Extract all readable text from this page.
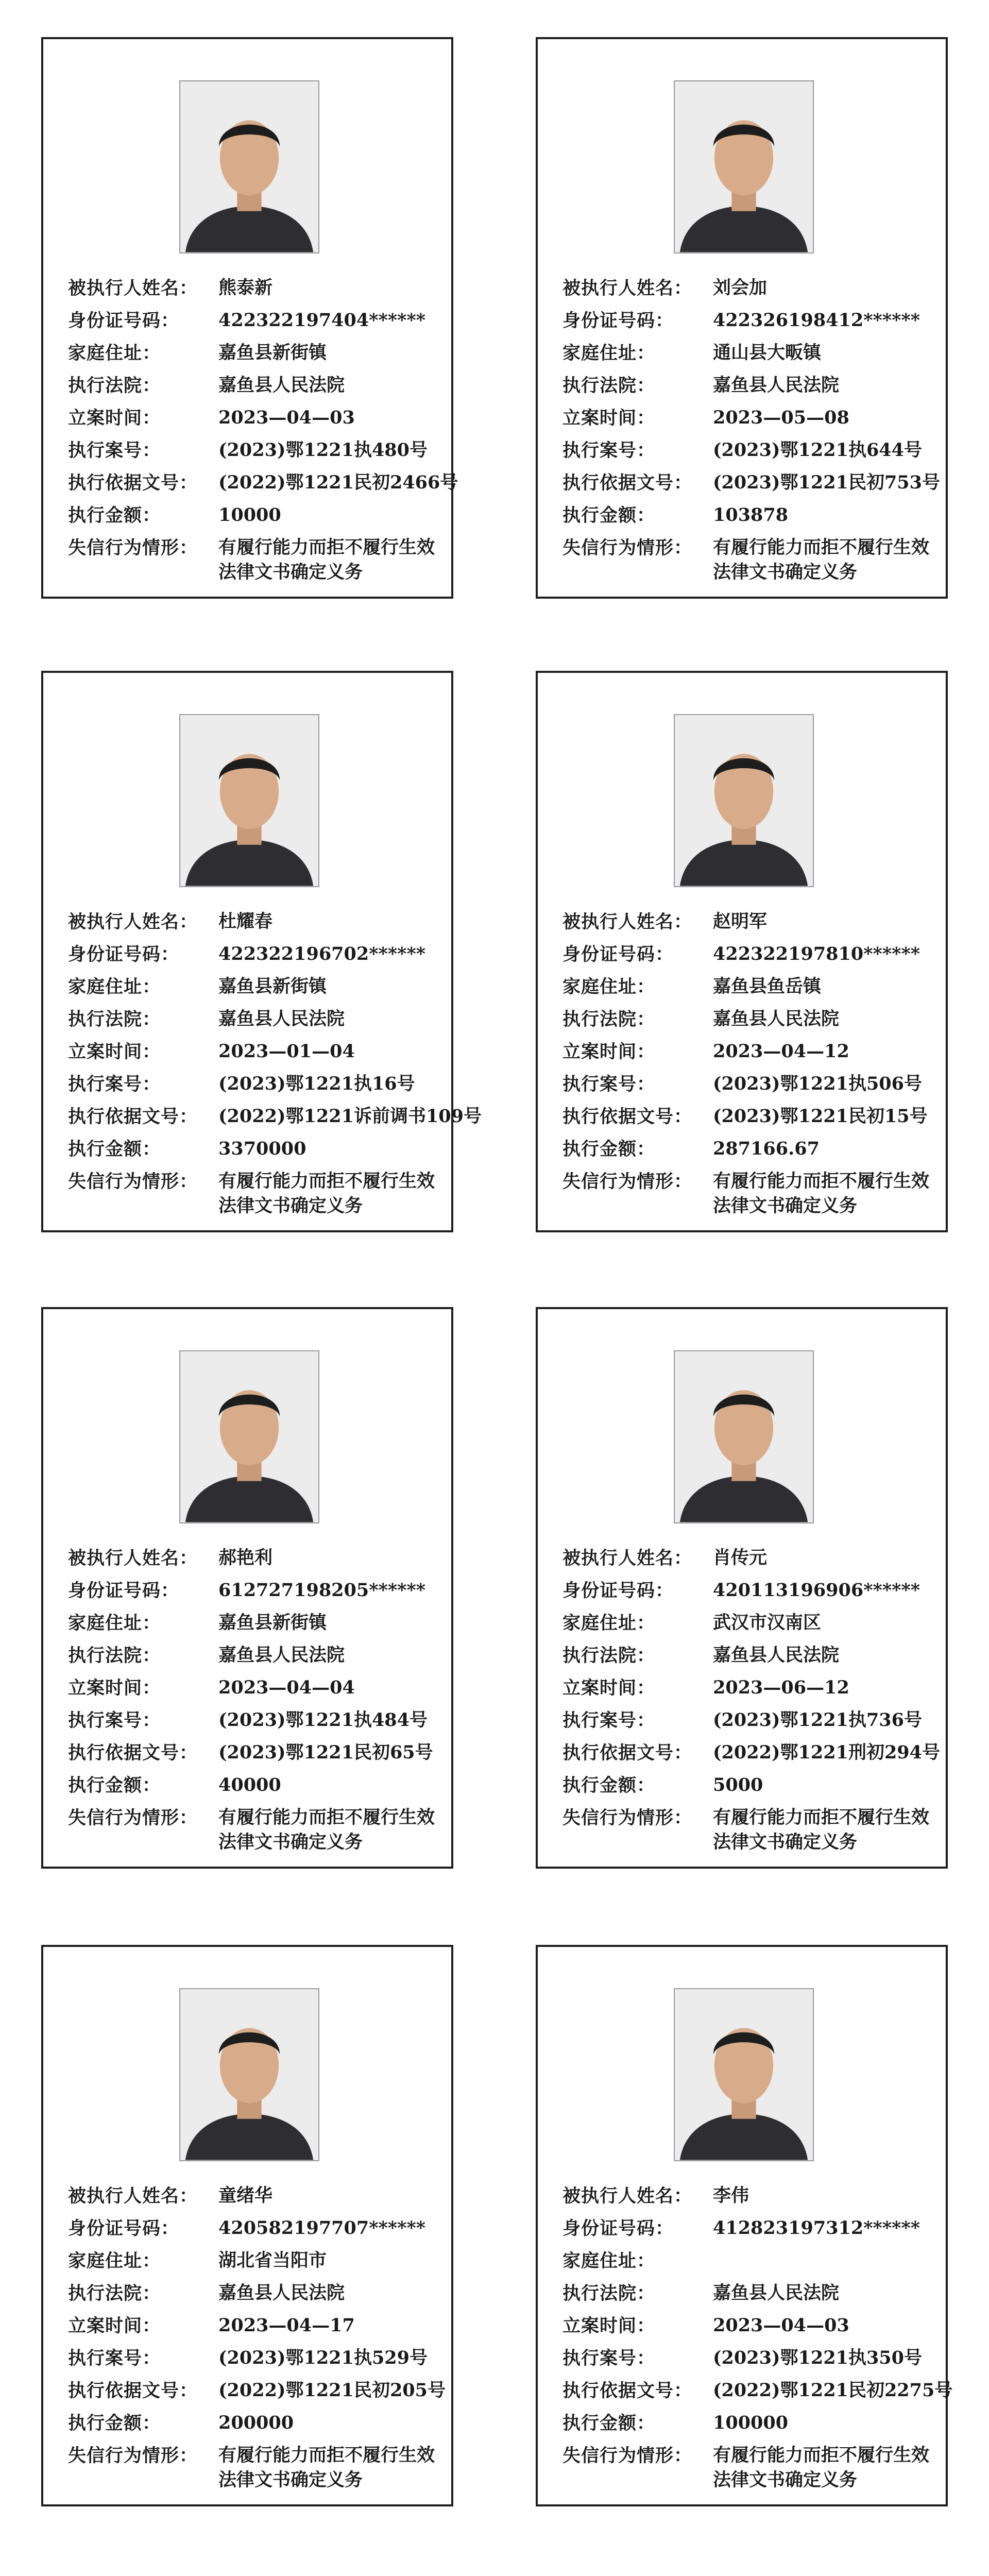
被执行人姓名：	熊泰新
身份证号码：	422322197404******
家庭住址：	嘉鱼县新街镇
执行法院：	嘉鱼县人民法院
立案时间：	2023—04—03
执行案号：	(2023)鄂1221执480号
执行依据文号：	(2022)鄂1221民初2466号
执行金额：	10000
失信行为情形：	有履行能力而拒不履行生效法律文书确定义务
被执行人姓名：	刘会加
身份证号码：	422326198412******
家庭住址：	通山县大畈镇
执行法院：	嘉鱼县人民法院
立案时间：	2023—05—08
执行案号：	(2023)鄂1221执644号
执行依据文号：	(2023)鄂1221民初753号
执行金额：	103878
失信行为情形：	有履行能力而拒不履行生效法律文书确定义务
被执行人姓名：	杜耀春
身份证号码：	422322196702******
家庭住址：	嘉鱼县新街镇
执行法院：	嘉鱼县人民法院
立案时间：	2023—01—04
执行案号：	(2023)鄂1221执16号
执行依据文号：	(2022)鄂1221诉前调书109号
执行金额：	3370000
失信行为情形：	有履行能力而拒不履行生效法律文书确定义务
被执行人姓名：	赵明军
身份证号码：	422322197810******
家庭住址：	嘉鱼县鱼岳镇
执行法院：	嘉鱼县人民法院
立案时间：	2023—04—12
执行案号：	(2023)鄂1221执506号
执行依据文号：	(2023)鄂1221民初15号
执行金额：	287166.67
失信行为情形：	有履行能力而拒不履行生效法律文书确定义务
被执行人姓名：	郝艳利
身份证号码：	612727198205******
家庭住址：	嘉鱼县新街镇
执行法院：	嘉鱼县人民法院
立案时间：	2023—04—04
执行案号：	(2023)鄂1221执484号
执行依据文号：	(2023)鄂1221民初65号
执行金额：	40000
失信行为情形：	有履行能力而拒不履行生效法律文书确定义务
被执行人姓名：	肖传元
身份证号码：	420113196906******
家庭住址：	武汉市汉南区
执行法院：	嘉鱼县人民法院
立案时间：	2023—06—12
执行案号：	(2023)鄂1221执736号
执行依据文号：	(2022)鄂1221刑初294号
执行金额：	5000
失信行为情形：	有履行能力而拒不履行生效法律文书确定义务
被执行人姓名：	童绪华
身份证号码：	420582197707******
家庭住址：	湖北省当阳市
执行法院：	嘉鱼县人民法院
立案时间：	2023—04—17
执行案号：	(2023)鄂1221执529号
执行依据文号：	(2022)鄂1221民初205号
执行金额：	200000
失信行为情形：	有履行能力而拒不履行生效法律文书确定义务
被执行人姓名：	李伟
身份证号码：	412823197312******
家庭住址：
执行法院：	嘉鱼县人民法院
立案时间：	2023—04—03
执行案号：	(2023)鄂1221执350号
执行依据文号：	(2022)鄂1221民初2275号
执行金额：	100000
失信行为情形：	有履行能力而拒不履行生效法律文书确定义务
